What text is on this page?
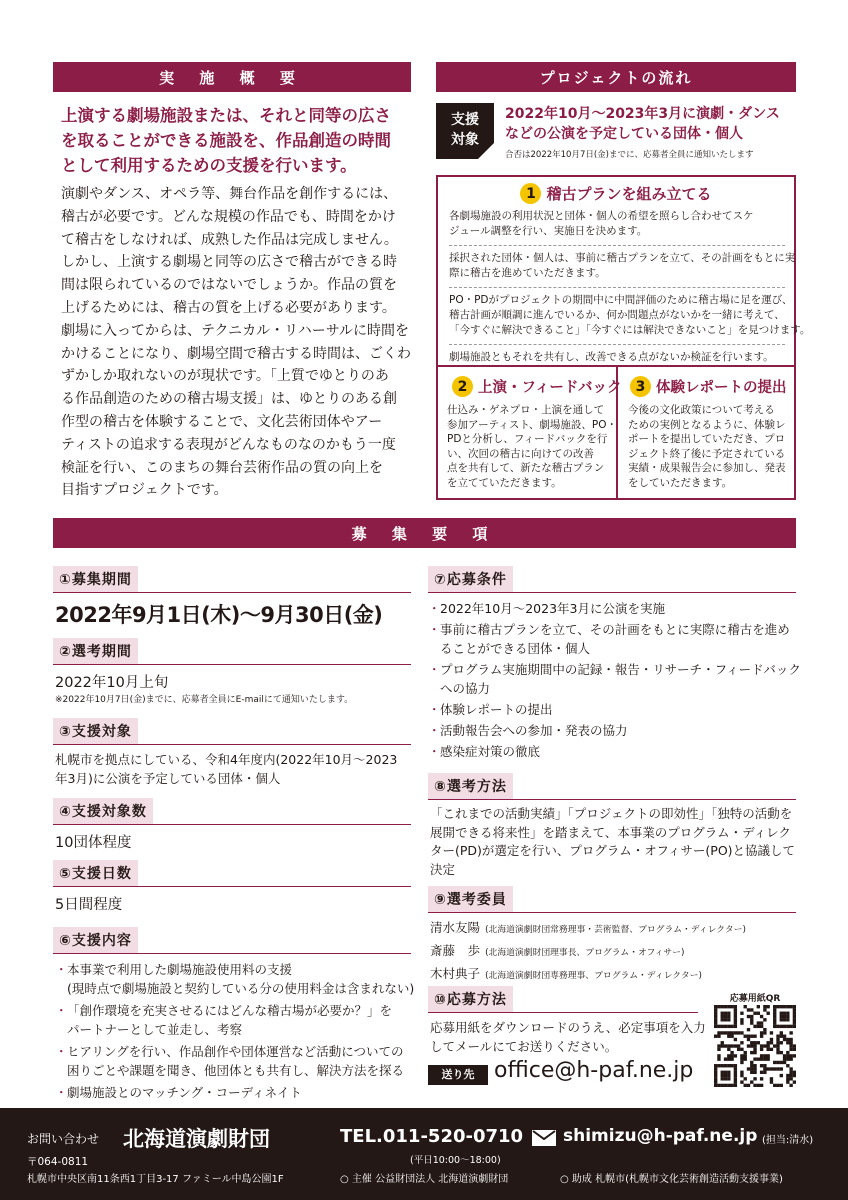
実 施 概 要
上演する劇場施設または、それと同等の広さ
を取ることができる施設を、作品創造の時間
として利用するための支援を行います。
演劇やダンス、オペラ等、舞台作品を創作するには、
稽古が必要です。どんな規模の作品でも、時間をかけ
て稽古をしなければ、成熟した作品は完成しません。
しかし、上演する劇場と同等の広さで稽古ができる時
間は限られているのではないでしょうか。作品の質を
上げるためには、稽古の質を上げる必要があります。
劇場に入ってからは、テクニカル・リハーサルに時間を
かけることになり、劇場空間で稽古する時間は、ごくわ
ずかしか取れないのが現状です。「上質でゆとりのあ
る作品創造のための稽古場支援」は、ゆとりのある創
作型の稽古を体験することで、文化芸術団体やアー
ティストの追求する表現がどんなものなのかもう一度
検証を行い、このまちの舞台芸術作品の質の向上を
目指すプロジェクトです。
プロジェクトの流れ
支援
対象
2022年10月～2023年3月に演劇・ダンス
などの公演を予定している団体・個人
合否は2022年10月7日(金)までに、応募者全員に通知いたします
1 稽古プランを組み立てる
各劇場施設の利用状況と団体・個人の希望を照らし合わせてスケ
ジュール調整を行い、実施日を決めます。
採択された団体・個人は、事前に稽古プランを立て、その計画をもとに実
際に稽古を進めていただきます。
PO・PDがプロジェクトの期間中に中間評価のために稽古場に足を運び、
稽古計画が順調に進んでいるか、何か問題点がないかを一緒に考えて、
「今すぐに解決できること」「今すぐには解決できないこと」を見つけます。
劇場施設ともそれを共有し、改善できる点がないか検証を行います。
2 上演・フィードバック
仕込み・ゲネプロ・上演を通して
参加アーティスト、劇場施設、PO・
PDと分析し、フィードバックを行
い、次回の稽古に向けての改善
点を共有して、新たな稽古プラン
を立てていただきます。
3 体験レポートの提出
今後の文化政策について考える
ための実例となるように、体験レ
ポートを提出していただき、プロ
ジェクト終了後に予定されている
実績・成果報告会に参加し、発表
をしていただきます。
募 集 要 項
①募集期間
2022年9月1日(木)～9月30日(金)
②選考期間
2022年10月上旬
※2022年10月7日(金)までに、応募者全員にE-mailにて通知いたします。
③支援対象
札幌市を拠点にしている、令和4年度内(2022年10月～2023
年3月)に公演を予定している団体・個人
④支援対象数
10団体程度
⑤支援日数
5日間程度
⑥支援内容
・ 本事業で利用した劇場施設使用料の支援
(現時点で劇場施設と契約している分の使用料金は含まれない)
・ 「創作環境を充実させるにはどんな稽古場が必要か？」を
パートナーとして並走し、考察
・ ヒアリングを行い、作品創作や団体運営など活動についての
困りごとや課題を聞き、他団体とも共有し、解決方法を探る
・ 劇場施設とのマッチング・コーディネイト
⑦応募条件
・ 2022年10月～2023年3月に公演を実施
・ 事前に稽古プランを立て、その計画をもとに実際に稽古を進め
ることができる団体・個人
・ プログラム実施期間中の記録・報告・リサーチ・フィードバック
への協力
・ 体験レポートの提出
・ 活動報告会への参加・発表の協力
・ 感染症対策の徹底
⑧選考方法
「これまでの活動実績」「プロジェクトの即効性」「独特の活動を
展開できる将来性」を踏まえて、本事業のプログラム・ディレク
ター(PD)が選定を行い、プログラム・オフィサー(PO)と協議して
決定
⑨選考委員
清水友陽 (北海道演劇財団常務理事・芸術監督、プログラム・ディレクター)
斎藤　歩 (北海道演劇財団理事長、プログラム・オフィサー)
木村典子 (北海道演劇財団専務理事、プログラム・ディレクター)
⑩応募方法
応募用紙をダウンロードのうえ、必定事項を入力
してメールにてお送りください。
送り先 office@h-paf.ne.jp
応募用紙QR
お問い合わせ 北海道演劇財団
〒064-0811
札幌市中央区南11条西1丁目3-17 ファミール中島公園1F
TEL.011-520-0710
(平日10:00～18:00)
shimizu@h-paf.ne.jp (担当:清水)
○ 主催 公益財団法人 北海道演劇財団	○ 助成 札幌市(札幌市文化芸術創造活動支援事業)
